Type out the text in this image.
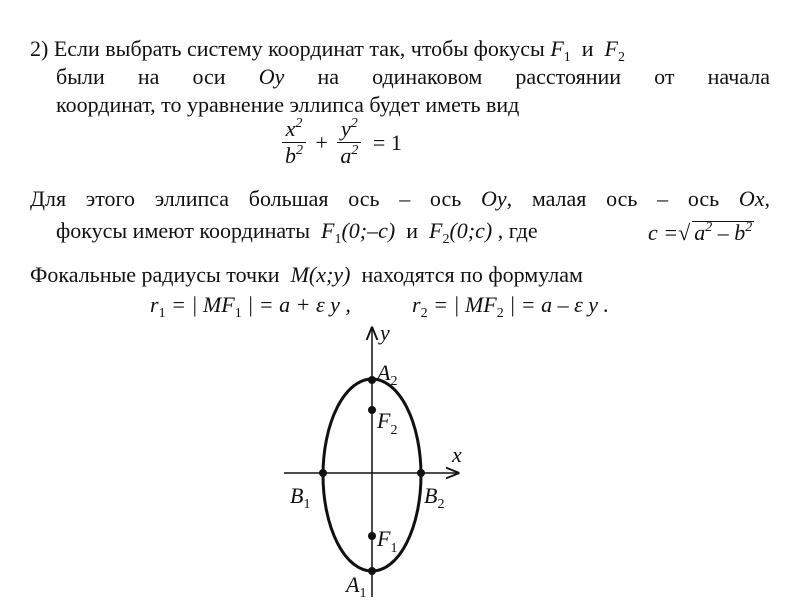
2) Если выбрать систему координат так, чтобы фокусы $F_1$ и $F_2$
были на оси Oy на одинаковом расстоянии от начала
координат, то уравнение эллипса будет иметь вид
$\frac{x^2}{b^2} + \frac{y^2}{a^2} = 1$
Для этого эллипса большая ось – ось Oy, малая ось – ось Ox,
фокусы имеют координаты $F_1(0;-c)$ и $F_2(0;c)$ , где	c =√ $a^2 - b^2$
Фокальные радиусы точки M(x;y) находятся по формулам
$r_1$ = | $MF_1$ | = a + ε y ,	$r_2$ = | $MF_2$ | = a – ε y .
y
x
$A_2$
$F_2$
$F_1$
$A_1$
$B_1$	$B_2$
